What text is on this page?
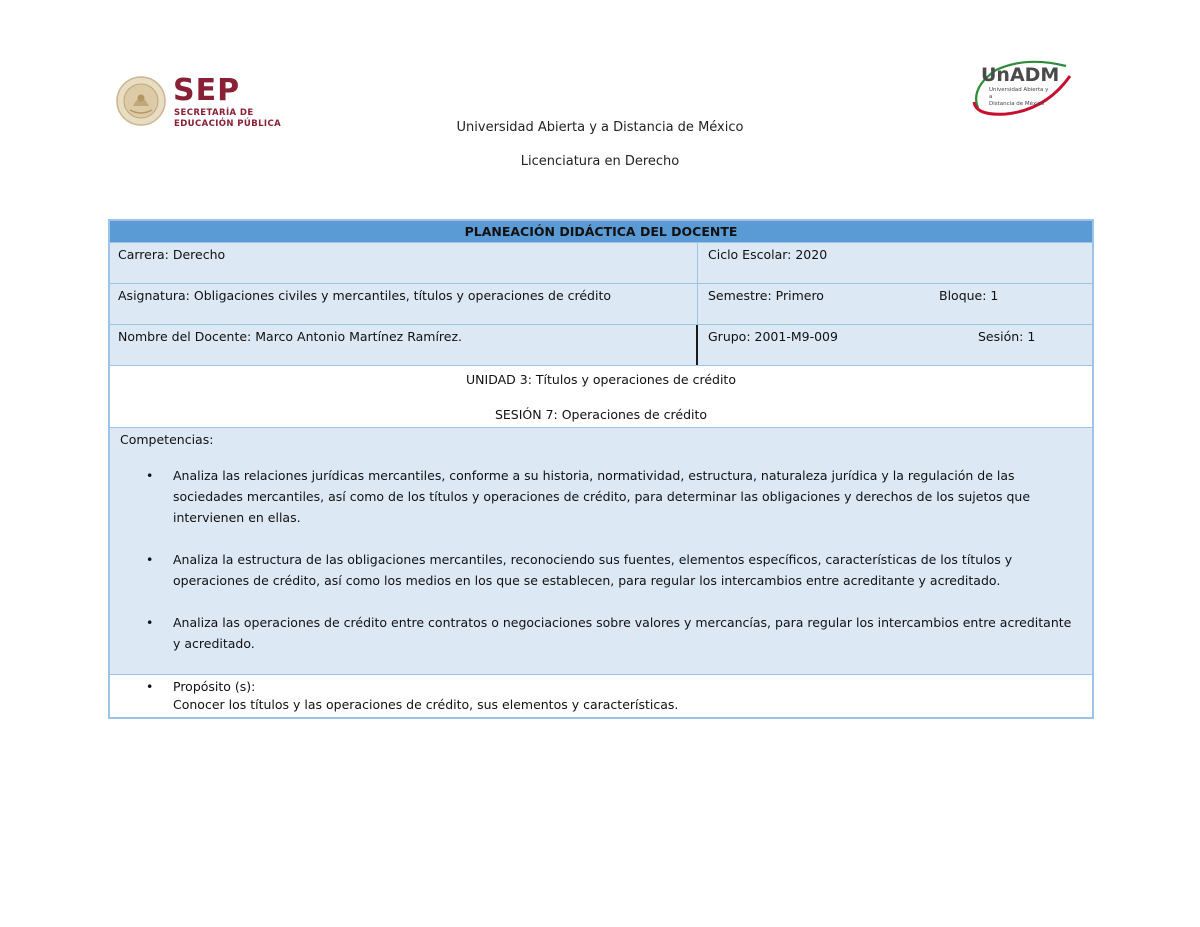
SEP
SECRETARÍA DE
EDUCACIÓN PÚBLICA
UnADM
Universidad Abierta y a
Distancia de México
Universidad Abierta y a Distancia de México
Licenciatura en Derecho
PLANEACIÓN DIDÁCTICA DEL DOCENTE
Carrera: Derecho	Ciclo Escolar: 2020
Asignatura: Obligaciones civiles y mercantiles, títulos y operaciones de crédito	Semestre: Primero	Bloque: 1
Nombre del Docente: Marco Antonio Martínez Ramírez.	Grupo: 2001-M9-009	Sesión: 1
UNIDAD 3: Títulos y operaciones de crédito
SESIÓN 7: Operaciones de crédito
Competencias:
• Analiza las relaciones jurídicas mercantiles, conforme a su historia, normatividad, estructura, naturaleza jurídica y la regulación de las sociedades mercantiles, así como de los títulos y operaciones de crédito, para determinar las obligaciones y derechos de los sujetos que intervienen en ellas.
• Analiza la estructura de las obligaciones mercantiles, reconociendo sus fuentes, elementos específicos, características de los títulos y operaciones de crédito, así como los medios en los que se establecen, para regular los intercambios entre acreditante y acreditado.
• Analiza las operaciones de crédito entre contratos o negociaciones sobre valores y mercancías, para regular los intercambios entre acreditante y acreditado.
• Propósito (s):
Conocer los títulos y las operaciones de crédito, sus elementos y características.
